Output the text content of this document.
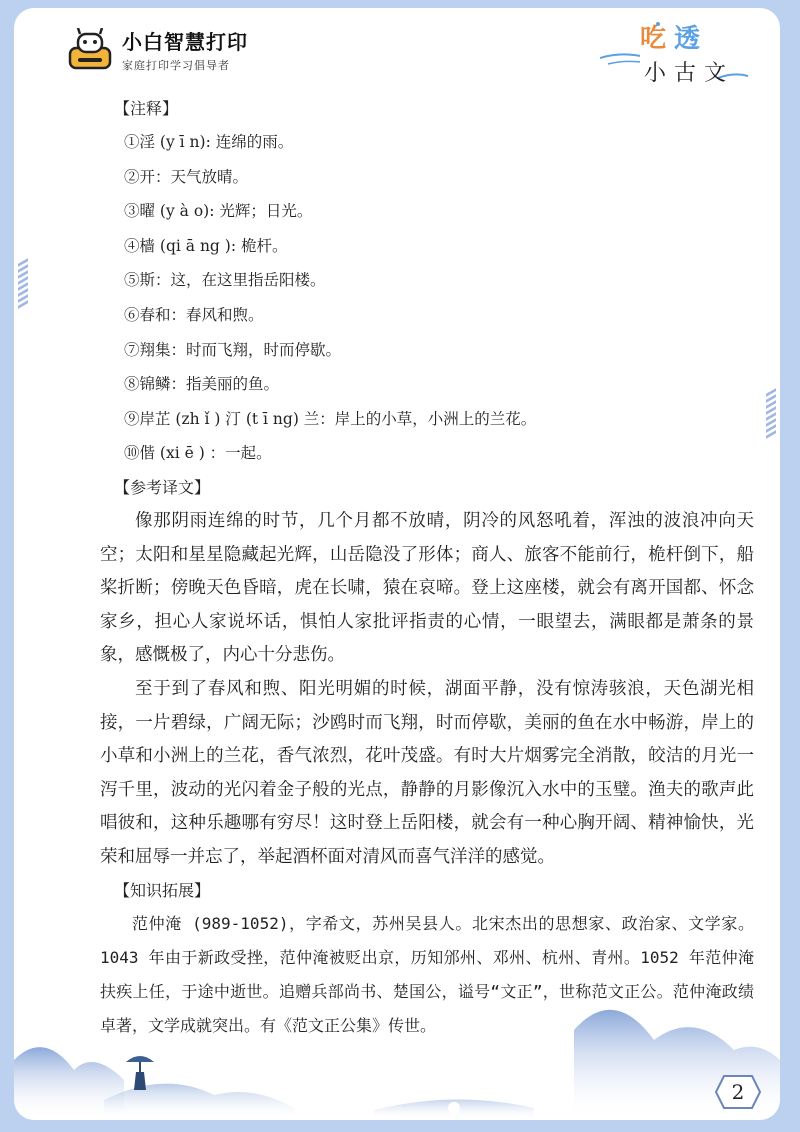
小白智慧打印
家庭打印学习倡导者
吃 透
小古文
【注释】
①淫 (y ī n): 连绵的雨。
②开：天气放晴。
③曜 (y à o): 光辉；日光。
④樯 (qi ā ng ): 桅杆。
⑤斯：这，在这里指岳阳楼。
⑥春和：春风和煦。
⑦翔集：时而飞翔，时而停歇。
⑧锦鳞：指美丽的鱼。
⑨岸芷 (zh ǐ ) 汀 (t ī ng) 兰：岸上的小草，小洲上的兰花。
⑩偕 (xi ē ) ：一起。
【参考译文】

像那阴雨连绵的时节，几个月都不放晴，阴冷的风怒吼着，浑浊的波浪冲向天空；太阳和星星隐藏起光辉，山岳隐没了形体；商人、旅客不能前行，桅杆倒下，船桨折断；傍晚天色昏暗，虎在长啸，猿在哀啼。登上这座楼，就会有离开国都、怀念家乡，担心人家说坏话，惧怕人家批评指责的心情，一眼望去，满眼都是萧条的景象，感慨极了，内心十分悲伤。

至于到了春风和煦、阳光明媚的时候，湖面平静，没有惊涛骇浪，天色湖光相接，一片碧绿，广阔无际；沙鸥时而飞翔，时而停歇，美丽的鱼在水中畅游，岸上的小草和小洲上的兰花，香气浓烈，花叶茂盛。有时大片烟雾完全消散，皎洁的月光一泻千里，波动的光闪着金子般的光点，静静的月影像沉入水中的玉璧。渔夫的歌声此唱彼和，这种乐趣哪有穷尽！这时登上岳阳楼，就会有一种心胸开阔、精神愉快，光荣和屈辱一并忘了，举起酒杯面对清风而喜气洋洋的感觉。

【知识拓展】

范仲淹 (989-1052)，字希文，苏州吴县人。北宋杰出的思想家、政治家、文学家。1043 年由于新政受挫，范仲淹被贬出京，历知邠州、邓州、杭州、青州。1052 年范仲淹扶疾上任，于途中逝世。追赠兵部尚书、楚国公，谥号“文正”，世称范文正公。范仲淹政绩卓著，文学成就突出。有《范文正公集》传世。

2
